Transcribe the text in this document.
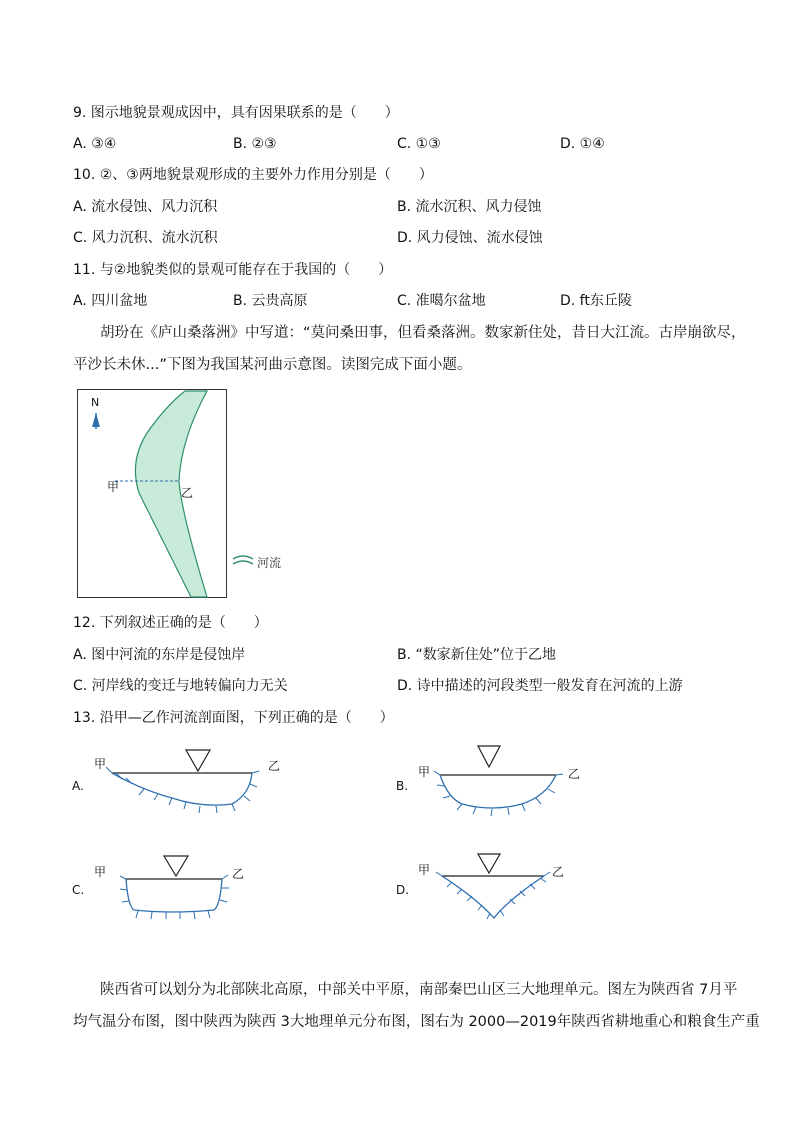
9. 图示地貌景观成因中，具有因果联系的是（　　）
A. ③④	B. ②③	C. ①③	D. ①④
10. ②、③两地貌景观形成的主要外力作用分别是（　　）
A. 流水侵蚀、风力沉积	B. 流水沉积、风力侵蚀
C. 风力沉积、流水沉积	D. 风力侵蚀、流水侵蚀
11. 与②地貌类似的景观可能存在于我国的（　　）
A. 四川盆地	B. 云贵高原	C. 准噶尔盆地	D. ft东丘陵
胡玢在《庐山桑落洲》中写道：“莫问桑田事，但看桑落洲。数家新住处，昔日大江流。古岸崩欲尽，
平沙长未休...”下图为我国某河曲示意图。读图完成下面小题。
N
甲	乙
河流
12. 下列叙述正确的是（　　）
A. 图中河流的东岸是侵蚀岸	B. “数家新住处”位于乙地
C. 河岸线的变迁与地转偏向力无关	D. 诗中描述的河段类型一般发育在河流的上游
13. 沿甲—乙作河流剖面图，下列正确的是（　　）
A.
甲	乙
B.
甲	乙
C.
甲	乙
D.
甲	乙
陕西省可以划分为北部陕北高原，中部关中平原，南部秦巴山区三大地理单元。图左为陕西省 7月平
均气温分布图，图中陕西为陕西 3大地理单元分布图，图右为 2000—2019年陕西省耕地重心和粮食生产重
